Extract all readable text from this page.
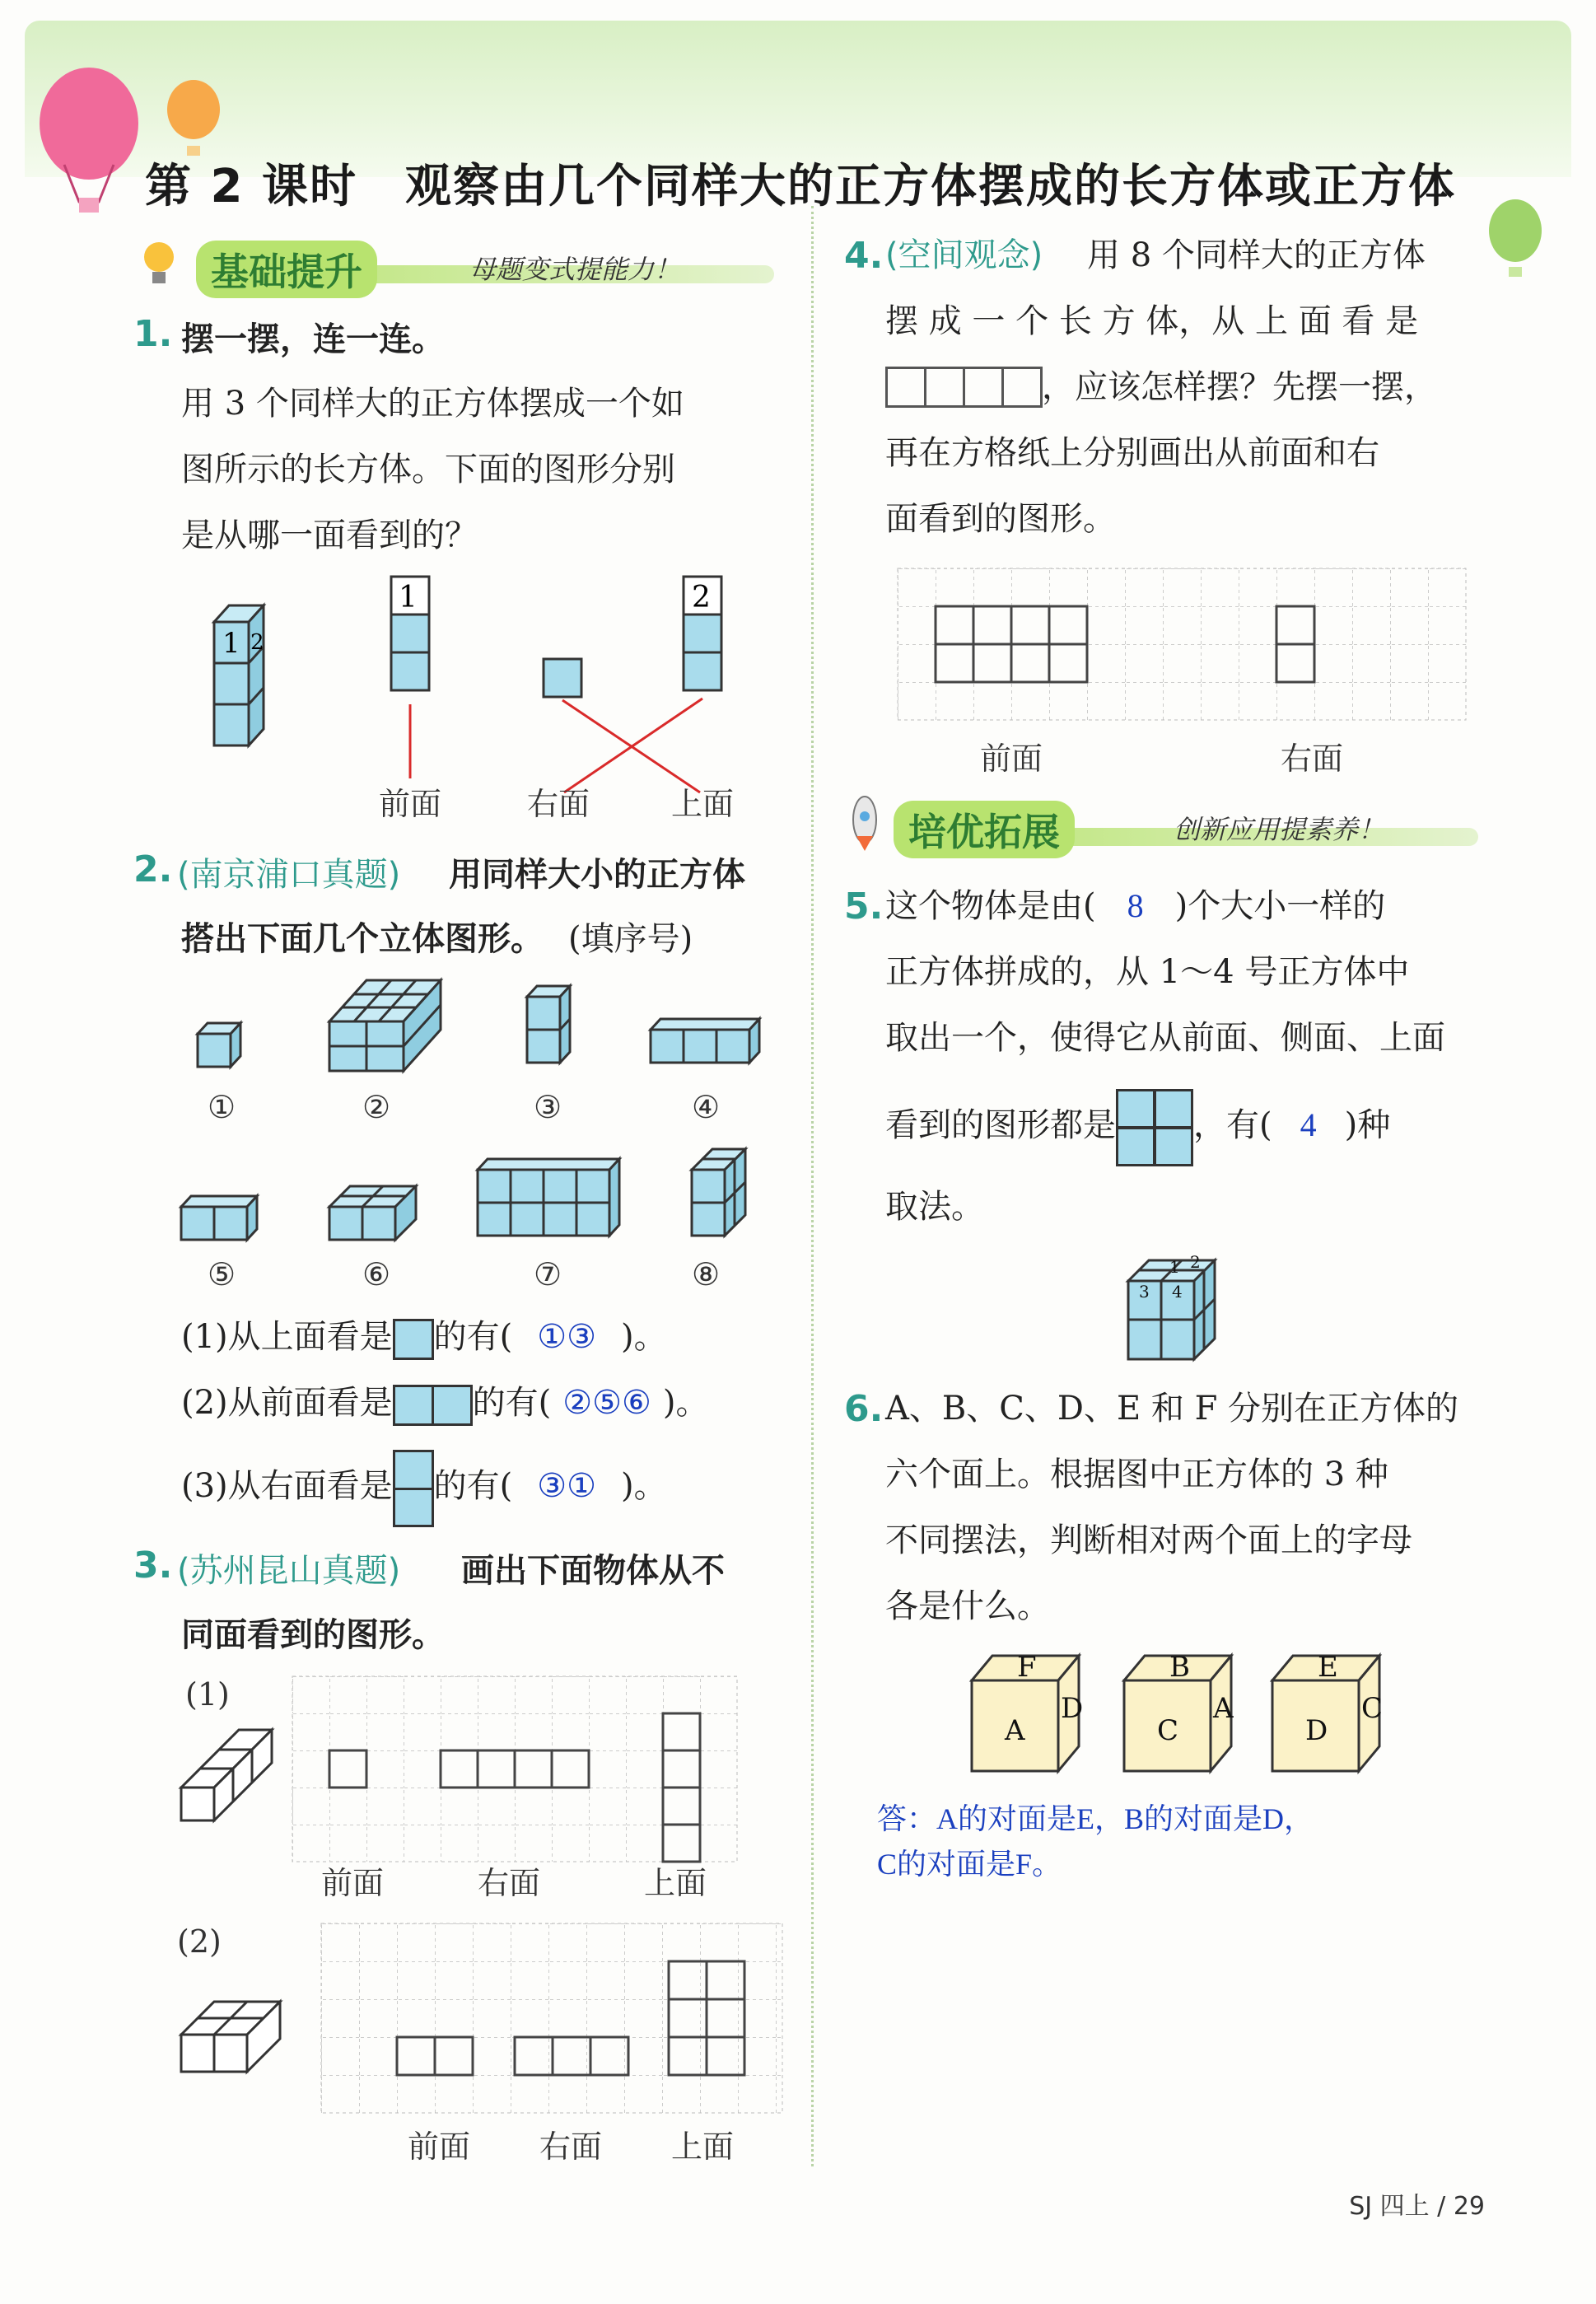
第 2 课时　观察由几个同样大的正方体摆成的长方体或正方体
基础提升	母题变式提能力！
1. 摆一摆，连一连。
用 3 个同样大的正方体摆成一个如
图所示的长方体。下面的图形分别
是从哪一面看到的？
1 2
1	2
前面	右面	上面
2. (南京浦口真题) 用同样大小的正方体
搭出下面几个立体图形。 (填序号)
①	②	③	④
⑤	⑥	⑦	⑧
(1)从上面看是 的有( ①③ )。
(2)从前面看是 的有( ②⑤⑥ )。
(3)从右面看是 的有( ③① )。
3. (苏州昆山真题) 画出下面物体从不
同面看到的图形。
(1)
前面	右面	上面
(2)
前面 右面 上面
4. (空间观念) 用 8 个同样大的正方体
摆 成 一 个 长 方 体，从 上 面 看 是
，应该怎样摆？先摆一摆，
再在方格纸上分别画出从前面和右
面看到的图形。
前面	右面
培优拓展	创新应用提素养！
5. 这个物体是由( 8 )个大小一样的
正方体拼成的，从 1～4 号正方体中
取出一个，使得它从前面、侧面、上面
看到的图形都是 ，有( 4 )种
取法。
1 2
3 4
6. A、B、C、D、E 和 F 分别在正方体的
六个面上。根据图中正方体的 3 种
不同摆法，判断相对两个面上的字母
各是什么。
F
A
D
B
C
A
E
D
C
答：A的对面是E，B的对面是D，
C的对面是F。
SJ 四上 / 29
